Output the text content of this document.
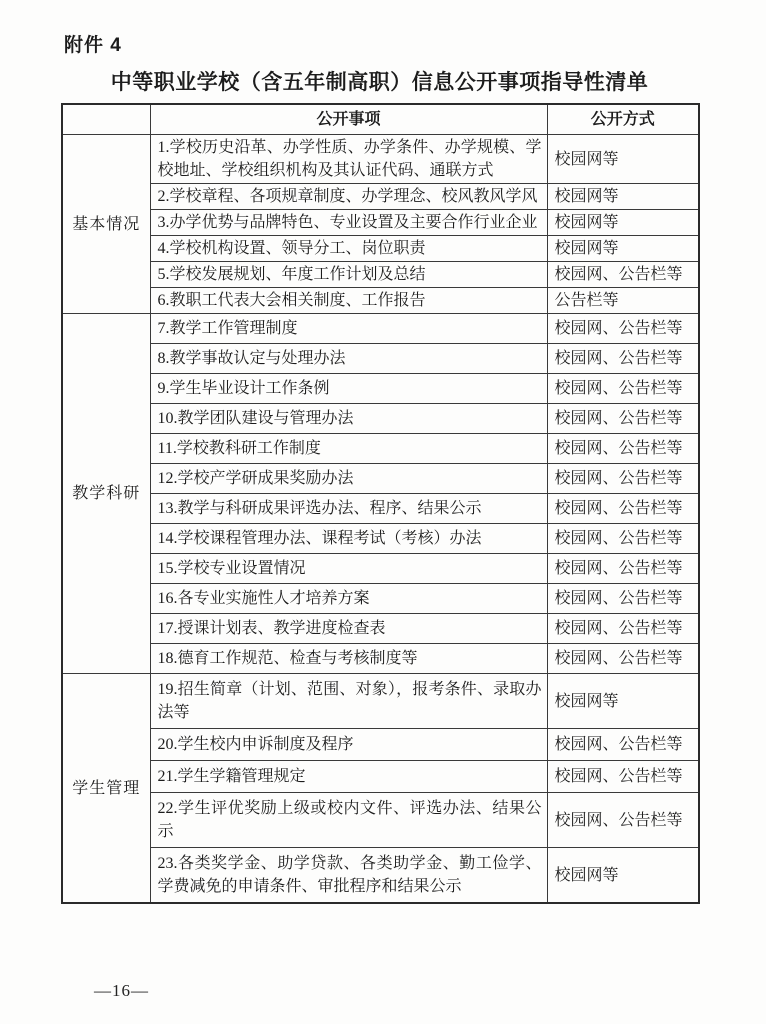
附件 4
中等职业学校（含五年制高职）信息公开事项指导性清单
	公开事项	公开方式
基本情况	1.学校历史沿革、办学性质、办学条件、办学规模、学校地址、学校组织机构及其认证代码、通联方式	校园网等
	2.学校章程、各项规章制度、办学理念、校风教风学风	校园网等
	3.办学优势与品牌特色、专业设置及主要合作行业企业	校园网等
	4.学校机构设置、领导分工、岗位职责	校园网等
	5.学校发展规划、年度工作计划及总结	校园网、公告栏等
	6.教职工代表大会相关制度、工作报告	公告栏等
教学科研	7.教学工作管理制度	校园网、公告栏等
	8.教学事故认定与处理办法	校园网、公告栏等
	9.学生毕业设计工作条例	校园网、公告栏等
	10.教学团队建设与管理办法	校园网、公告栏等
	11.学校教科研工作制度	校园网、公告栏等
	12.学校产学研成果奖励办法	校园网、公告栏等
	13.教学与科研成果评选办法、程序、结果公示	校园网、公告栏等
	14.学校课程管理办法、课程考试（考核）办法	校园网、公告栏等
	15.学校专业设置情况	校园网、公告栏等
	16.各专业实施性人才培养方案	校园网、公告栏等
	17.授课计划表、教学进度检查表	校园网、公告栏等
	18.德育工作规范、检查与考核制度等	校园网、公告栏等
学生管理	19.招生简章（计划、范围、对象），报考条件、录取办法等	校园网等
	20.学生校内申诉制度及程序	校园网、公告栏等
	21.学生学籍管理规定	校园网、公告栏等
	22.学生评优奖励上级或校内文件、评选办法、结果公示	校园网、公告栏等
	23.各类奖学金、助学贷款、各类助学金、勤工俭学、学费减免的申请条件、审批程序和结果公示	校园网等
—16—
